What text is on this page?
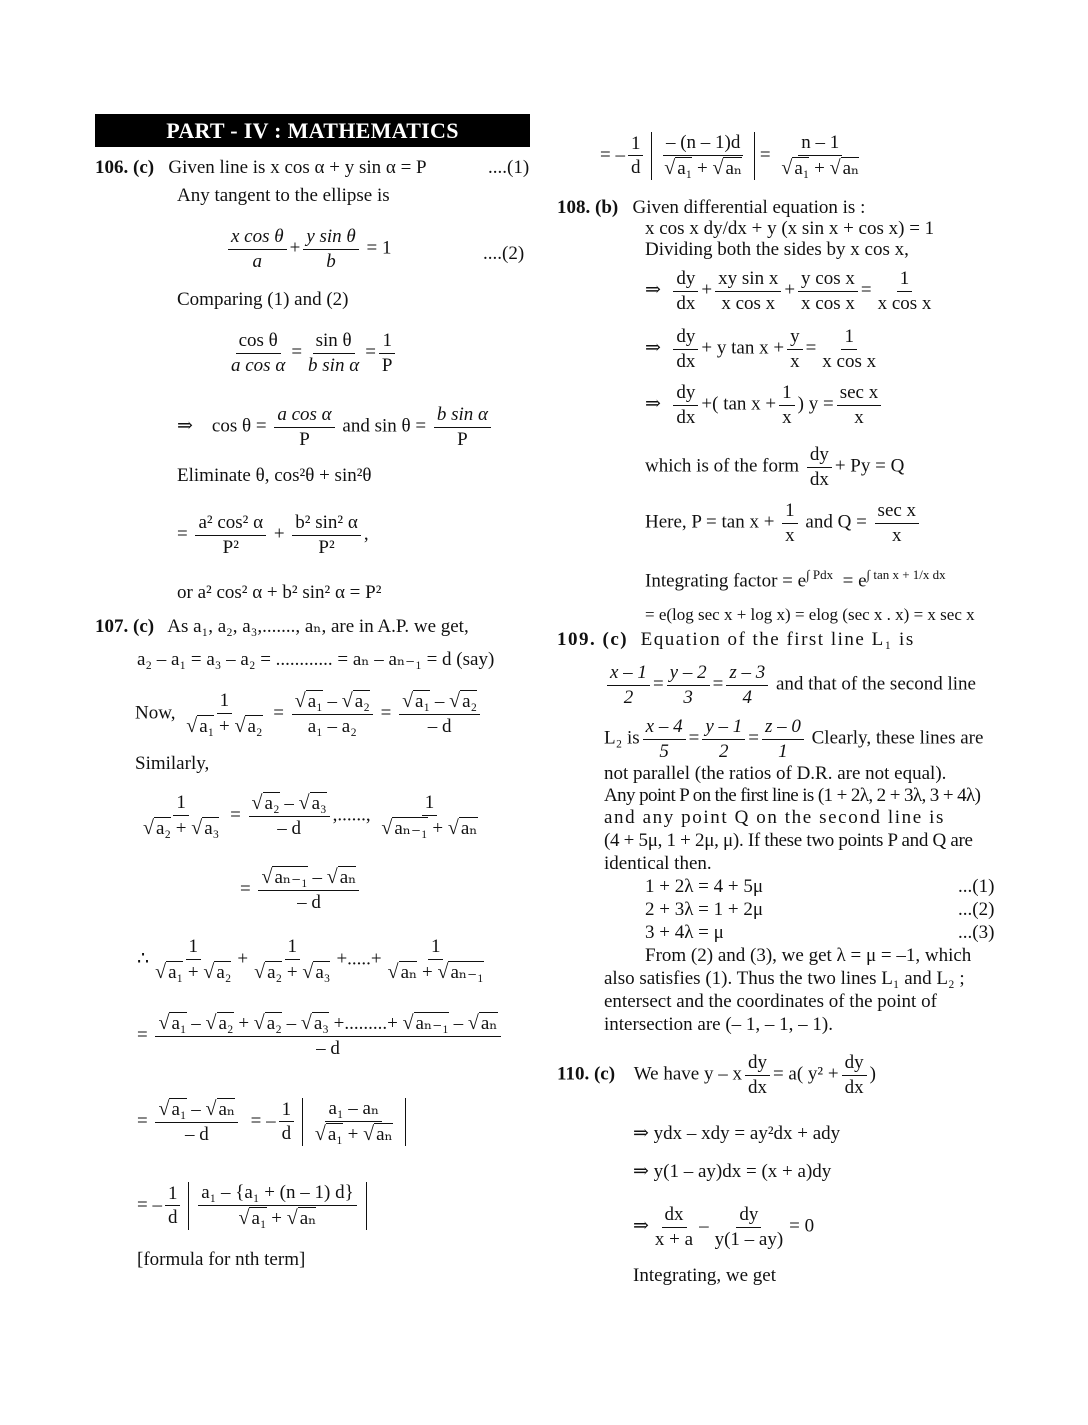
PART - IV : MATHEMATICS
106. (c) Given line is x cos α + y sin α = P	....(1)
Any tangent to the ellipse is
$\frac{\text{x cos θ}}{a} + \frac{\text{y sin θ}}{b} = 1$	....(2)
Comparing (1) and (2)
$\frac{\text{cos θ}}{\text{a cos α}} = \frac{\text{sin θ}}{\text{b sin α}} = \frac{1}{P}$
⇒    $\cos \theta = \frac{\text{a cos α}}{P}$ and $\sin \theta = \frac{\text{b sin α}}{P}$
Eliminate θ, cos²θ + sin²θ
= $\frac{\text{a² cos² α}}{\text{P²}} + \frac{\text{b² sin² α}}{\text{P²}}$ ,
or a² cos² α + b² sin² α = P²
107. (c) As a₁, a₂, a₃,......., aₙ, are in A.P. we get,
a₂ – a₁ = a₃ – a₂ = ............ = aₙ – aₙ₋₁ = d (say)
Now, $\frac{1}{\text{√ a₁ + √ a₂}} = \frac{\text{√ a₁ – √ a₂}}{\text{a₁ – a₂}} = \frac{\text{√ a₁ – √ a₂}}{- d}$
Similarly,
$\frac{1}{\text{√ a₂ + √ a₃}} = \frac{\text{√ a₂ – √ a₃}}{- d}$ ,......, $\frac{1}{\text{√ aₙ₋₁ + √ aₙ}}$
= $\frac{\text{√ aₙ₋₁ – √ aₙ}}{- d}$
∴ $\frac{1}{\text{√ a₁ + √ a₂}} + \frac{1}{\text{√ a₂ + √ a₃}}$ +.....+ $\frac{1}{\text{√ aₙ + √ aₙ₋₁}}$
= $\frac{\text{√ a₁ – √ a₂ + √ a₂ – √ a₃ +.........+ √ aₙ₋₁ – √ aₙ}}{- d}$
= $\frac{\text{√ a₁ – √ aₙ}}{- d}$ = – $\frac{1}{d}$
$\frac{\text{a₁ – aₙ}}{\text{√ a₁ + √ aₙ}}$
= – $\frac{1}{d}$
$\frac{\text{a₁ – \{a₁ + (n – 1) d\}}}{\text{√ a₁ + √ aₙ}}$
[formula for nth term]
= – $\frac{1}{d}$
$\frac{- (n - 1)d}{\text{√ a₁ + √ aₙ}} = \frac{n - 1}{\text{√ a₁ + √ aₙ}}$
108. (b) Given differential equation is :
x cos x dy/dx + y (x sin x + cos x) = 1
Dividing both the sides by x cos x,
⇒ $\frac{dy}{dx} + \frac{\text{xy sin x}}{\text{x cos x}} + \frac{\text{y cos x}}{\text{x cos x}} = \frac{1}{\text{x cos x}}$
⇒ $\frac{dy}{dx} + y$ $\tan x + \frac{y}{x} = \frac{1}{\text{x cos x}}$
⇒ $\frac{dy}{dx}$ +( $\tan x + \frac{1}{x}$ ) $y = \frac{\text{sec x}}{x}$
which is of the form $\frac{dy}{dx} + Py = Q$
Here, $P = \tan x + \frac{1}{x}$ and $Q = \frac{\text{sec x}}{x}$
Integrating factor = $e^{\int Pdx} = e^{\int tan x + 1/x dx}$
= e(log sec x + log x) = elog (sec x . x) = x sec x
109. (c) Equation of the first line L₁ is
$\frac{x - 1}{2} = \frac{y - 2}{3} = \frac{z - 3}{4}$ and that of the second line
L₂ is $\frac{x - 4}{5} = \frac{y - 1}{2} = \frac{z - 0}{1}$ Clearly, these lines are
not parallel (the ratios of D.R. are not equal).
Any point P on the first line is (1 + 2λ, 2 + 3λ, 3 + 4λ)
and any point Q on the second line is
(4 + 5μ, 1 + 2μ, μ). If these two points P and Q are
identical then.
1 + 2λ = 4 + 5μ	...(1)
2 + 3λ = 1 + 2μ	...(2)
3 + 4λ = μ	...(3)
From (2) and (3), we get λ = μ = –1, which
also satisfies (1). Thus the two lines L₁ and L₂ ;
entersect and the coordinates of the point of
intersection are (– 1, – 1, – 1).
110. (c) We have y – x $\frac{dy}{dx} = a$( $y^2 + \frac{dy}{dx}$ )
⇒ ydx – xdy = ay²dx + ady
⇒ y(1 – ay)dx = (x + a)dy
⇒ $\frac{dx}{x + a} - \frac{dy}{y(1 - ay)} = 0$
Integrating, we get
